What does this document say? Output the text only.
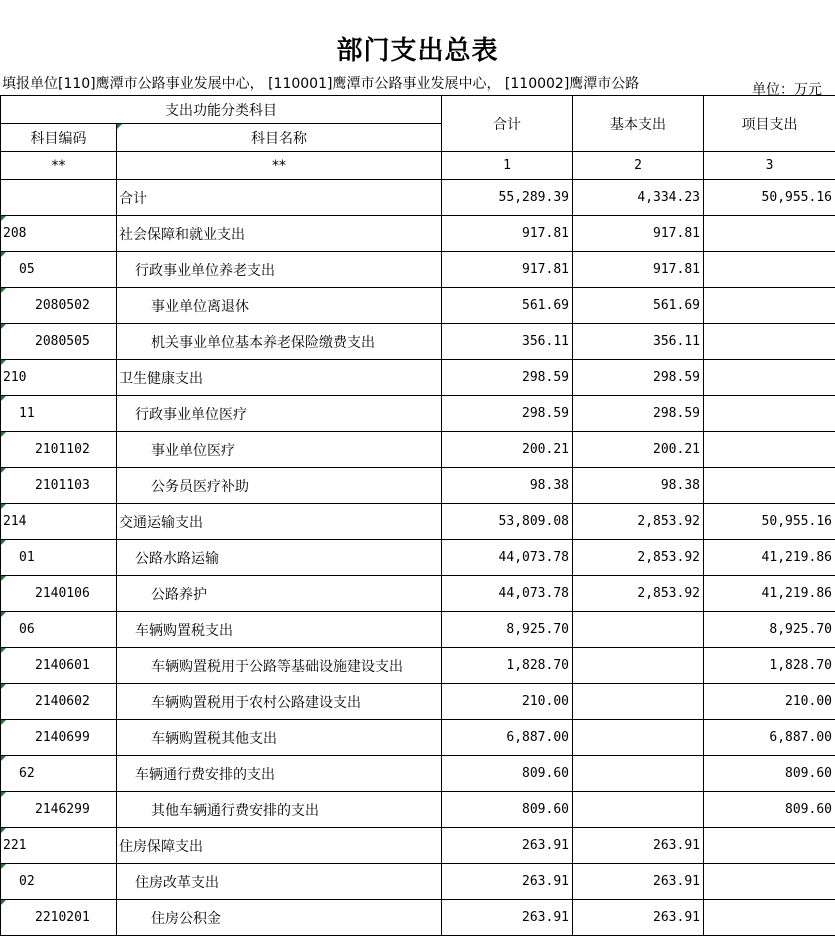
部门支出总表
填报单位[110]鹰潭市公路事业发展中心， [110001]鹰潭市公路事业发展中心， [110002]鹰潭市公路	单位：万元
支出功能分类科目		合计	基本支出	项目支出
科目编码	科目名称			
**	**	1	2	3
	合计	55,289.39	4,334.23	50,955.16
208	社会保障和就业支出	917.81	917.81	
05	行政事业单位养老支出	917.81	917.81	
2080502	事业单位离退休	561.69	561.69	
2080505	机关事业单位基本养老保险缴费支出	356.11	356.11	
210	卫生健康支出	298.59	298.59	
11	行政事业单位医疗	298.59	298.59	
2101102	事业单位医疗	200.21	200.21	
2101103	公务员医疗补助	98.38	98.38	
214	交通运输支出	53,809.08	2,853.92	50,955.16
01	公路水路运输	44,073.78	2,853.92	41,219.86
2140106	公路养护	44,073.78	2,853.92	41,219.86
06	车辆购置税支出	8,925.70		8,925.70
2140601	车辆购置税用于公路等基础设施建设支出	1,828.70		1,828.70
2140602	车辆购置税用于农村公路建设支出	210.00		210.00
2140699	车辆购置税其他支出	6,887.00		6,887.00
62	车辆通行费安排的支出	809.60		809.60
2146299	其他车辆通行费安排的支出	809.60		809.60
221	住房保障支出	263.91	263.91	
02	住房改革支出	263.91	263.91	
2210201	住房公积金	263.91	263.91	
